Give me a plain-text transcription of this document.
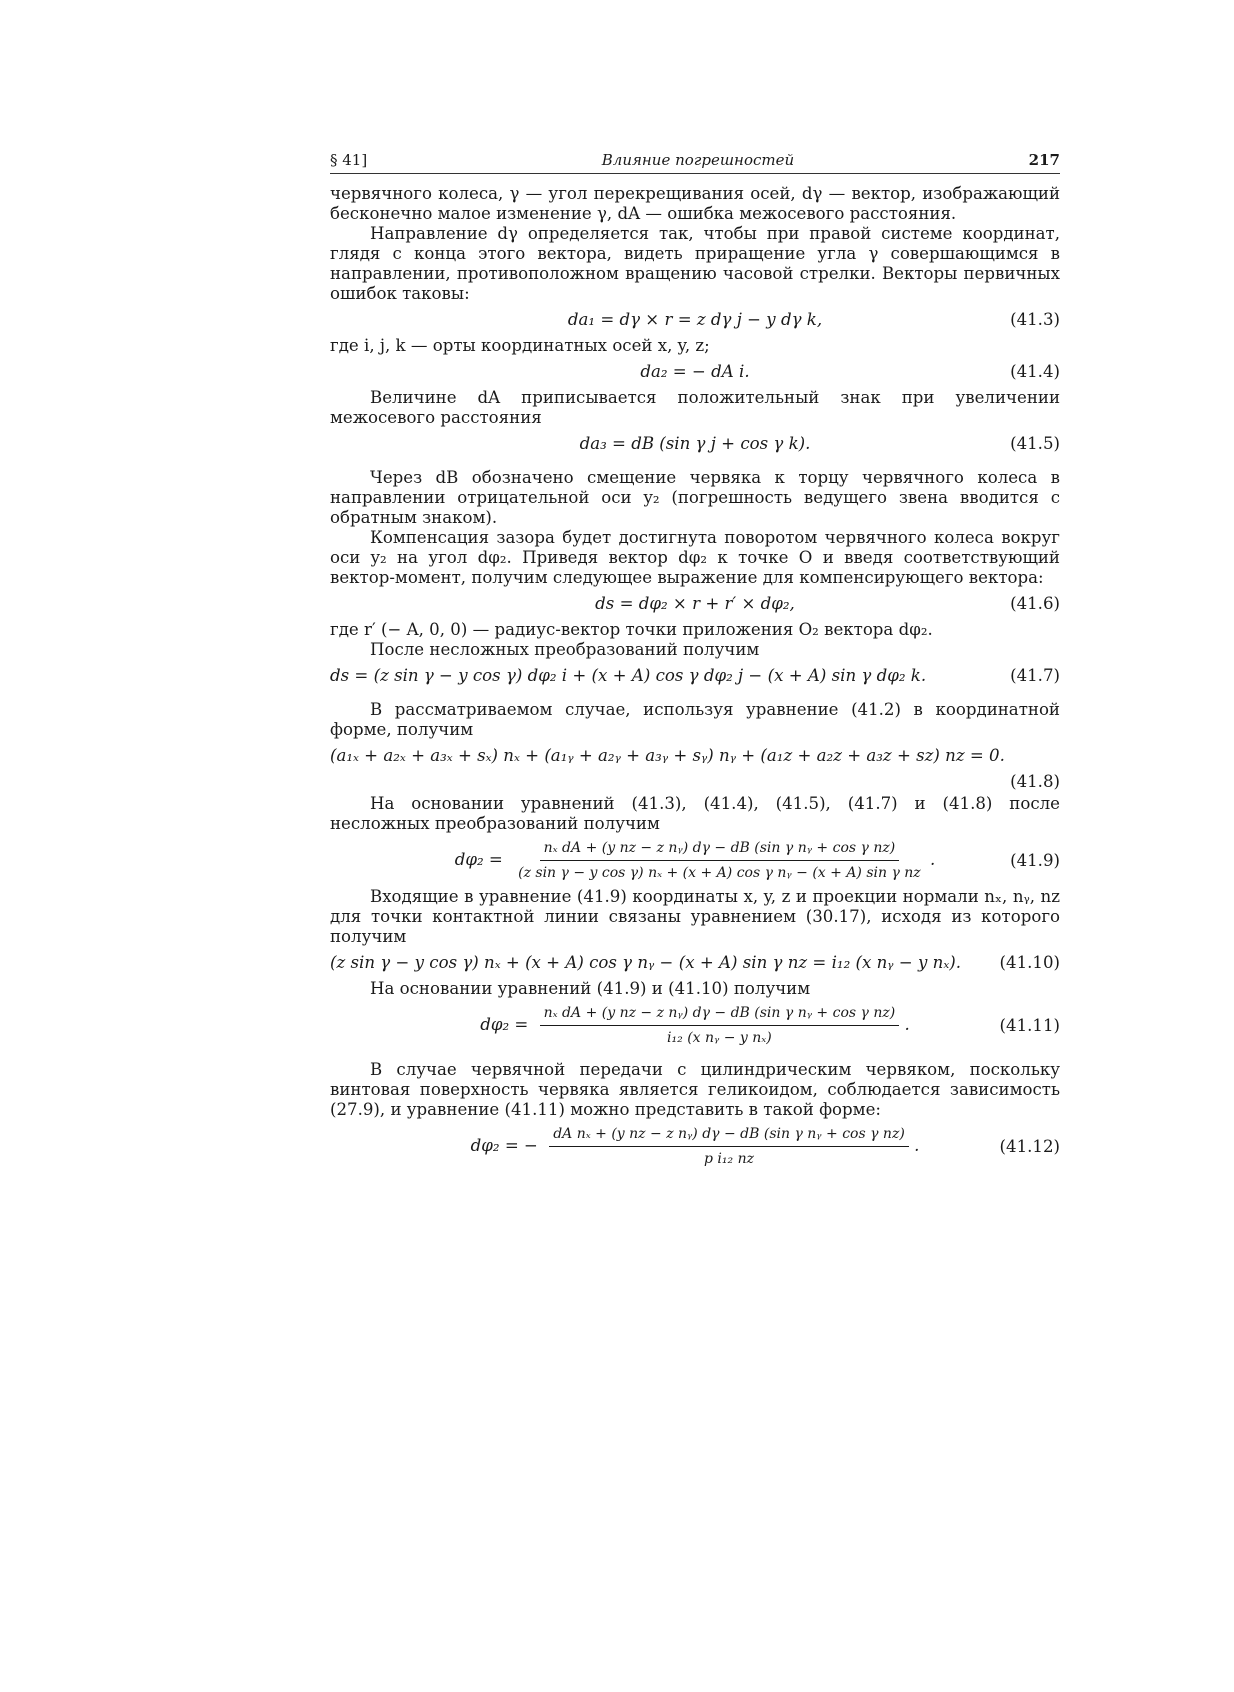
§ 41]	Влияние погрешностей	217

червячного колеса, γ — угол перекрещивания осей, dγ — вектор, изображающий бесконечно малое изменение γ, dA — ошибка межосевого расстояния.

Направление dγ определяется так, чтобы при правой системе координат, глядя с конца этого вектора, видеть приращение угла γ совершающимся в направлении, противоположном вращению часовой стрелки. Векторы первичных ошибок таковы:

da₁ = dγ × r = z dγ j − y dγ k,	(41.3)

где i, j, k — орты координатных осей x, y, z;

da₂ = − dA i.	(41.4)

Величине dA приписывается положительный знак при увеличении межосевого расстояния

da₃ = dB (sin γ j + cos γ k).	(41.5)

Через dB обозначено смещение червяка к торцу червячного колеса в направлении отрицательной оси y₂ (погрешность ведущего звена вводится с обратным знаком).

Компенсация зазора будет достигнута поворотом червячного колеса вокруг оси y₂ на угол dφ₂. Приведя вектор dφ₂ к точке O и введя соответствующий вектор-момент, получим следующее выражение для компенсирующего вектора:

ds = dφ₂ × r + r′ × dφ₂,	(41.6)

где r′ (− A, 0, 0) — радиус-вектор точки приложения O₂ вектора dφ₂.

После несложных преобразований получим

ds = (z sin γ − y cos γ) dφ₂ i + (x + A) cos γ dφ₂ j − (x + A) sin γ dφ₂ k.	(41.7)

В рассматриваемом случае, используя уравнение (41.2) в координатной форме, получим

(a₁ₓ + a₂ₓ + a₃ₓ + sₓ) nₓ + (a₁ᵧ + a₂ᵧ + a₃ᵧ + sᵧ) nᵧ + (a₁z + a₂z + a₃z + sz) nz = 0.

(41.8)

На основании уравнений (41.3), (41.4), (41.5), (41.7) и (41.8) после несложных преобразований получим

$d\varphi_2 = \frac{\text{nₓ dA + (y nz − z nᵧ) dγ − dB (sin γ nᵧ + cos γ nz)}}{\text{(z sin γ − y cos γ) nₓ + (x + A) cos γ nᵧ − (x + A) sin γ nz}}$ .	(41.9)

Входящие в уравнение (41.9) координаты x, y, z и проекции нормали nₓ, nᵧ, nz для точки контактной линии связаны уравнением (30.17), исходя из которого получим

(z sin γ − y cos γ) nₓ + (x + A) cos γ nᵧ − (x + A) sin γ nz = i₁₂ (x nᵧ − y nₓ). (41.10)

На основании уравнений (41.9) и (41.10) получим

$d\varphi_2 = \frac{\text{nₓ dA + (y nz − z nᵧ) dγ − dB (sin γ nᵧ + cos γ nz)}}{\text{i₁₂ (x nᵧ − y nₓ)}}$ .	(41.11)

В случае червячной передачи с цилиндрическим червяком, поскольку винтовая поверхность червяка является геликоидом, соблюдается зависимость (27.9), и уравнение (41.11) можно представить в такой форме:

dφ₂ = − $\frac{\text{dA nₓ + (y nz − z nᵧ) dγ − dB (sin γ nᵧ + cos γ nz)}}{\text{p i₁₂ nz}}$ .	(41.12)
